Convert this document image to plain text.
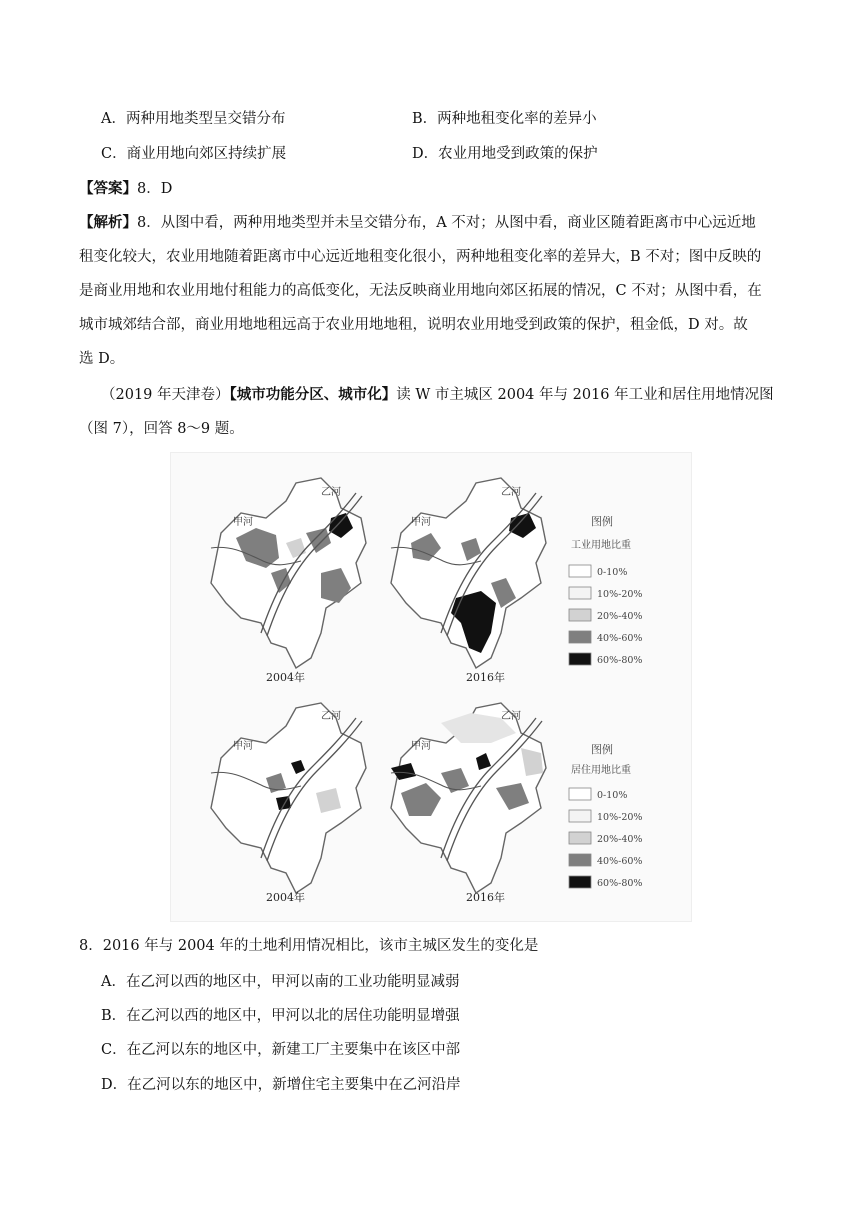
A．两种用地类型呈交错分布	B．两种地租变化率的差异小
C．商业用地向郊区持续扩展	D．农业用地受到政策的保护
【答案】8．D
【解析】8．从图中看，两种用地类型并未呈交错分布，A 不对；从图中看，商业区随着距离市中心远近地
租变化较大，农业用地随着距离市中心远近地租变化很小，两种地租变化率的差异大，B 不对；图中反映的
是商业用地和农业用地付租能力的高低变化，无法反映商业用地向郊区拓展的情况，C 不对；从图中看，在
城市城郊结合部，商业用地地租远高于农业用地地租，说明农业用地受到政策的保护，租金低，D 对。故
选 D。
（2019 年天津卷）【城市功能分区、城市化】读 W 市主城区 2004 年与 2016 年工业和居住用地情况图
（图 7），回答 8～9 题。
2004年
甲河
乙河
2016年
甲河
乙河
2004年
甲河
乙河
2016年
甲河
乙河
图例
工业用地比重
0-10%
10%-20%
20%-40%
40%-60%
60%-80%
图例
居住用地比重
0-10%
10%-20%
20%-40%
40%-60%
60%-80%
8．2016 年与 2004 年的土地利用情况相比，该市主城区发生的变化是
A．在乙河以西的地区中，甲河以南的工业功能明显减弱
B．在乙河以西的地区中，甲河以北的居住功能明显增强
C．在乙河以东的地区中，新建工厂主要集中在该区中部
D．在乙河以东的地区中，新增住宅主要集中在乙河沿岸
